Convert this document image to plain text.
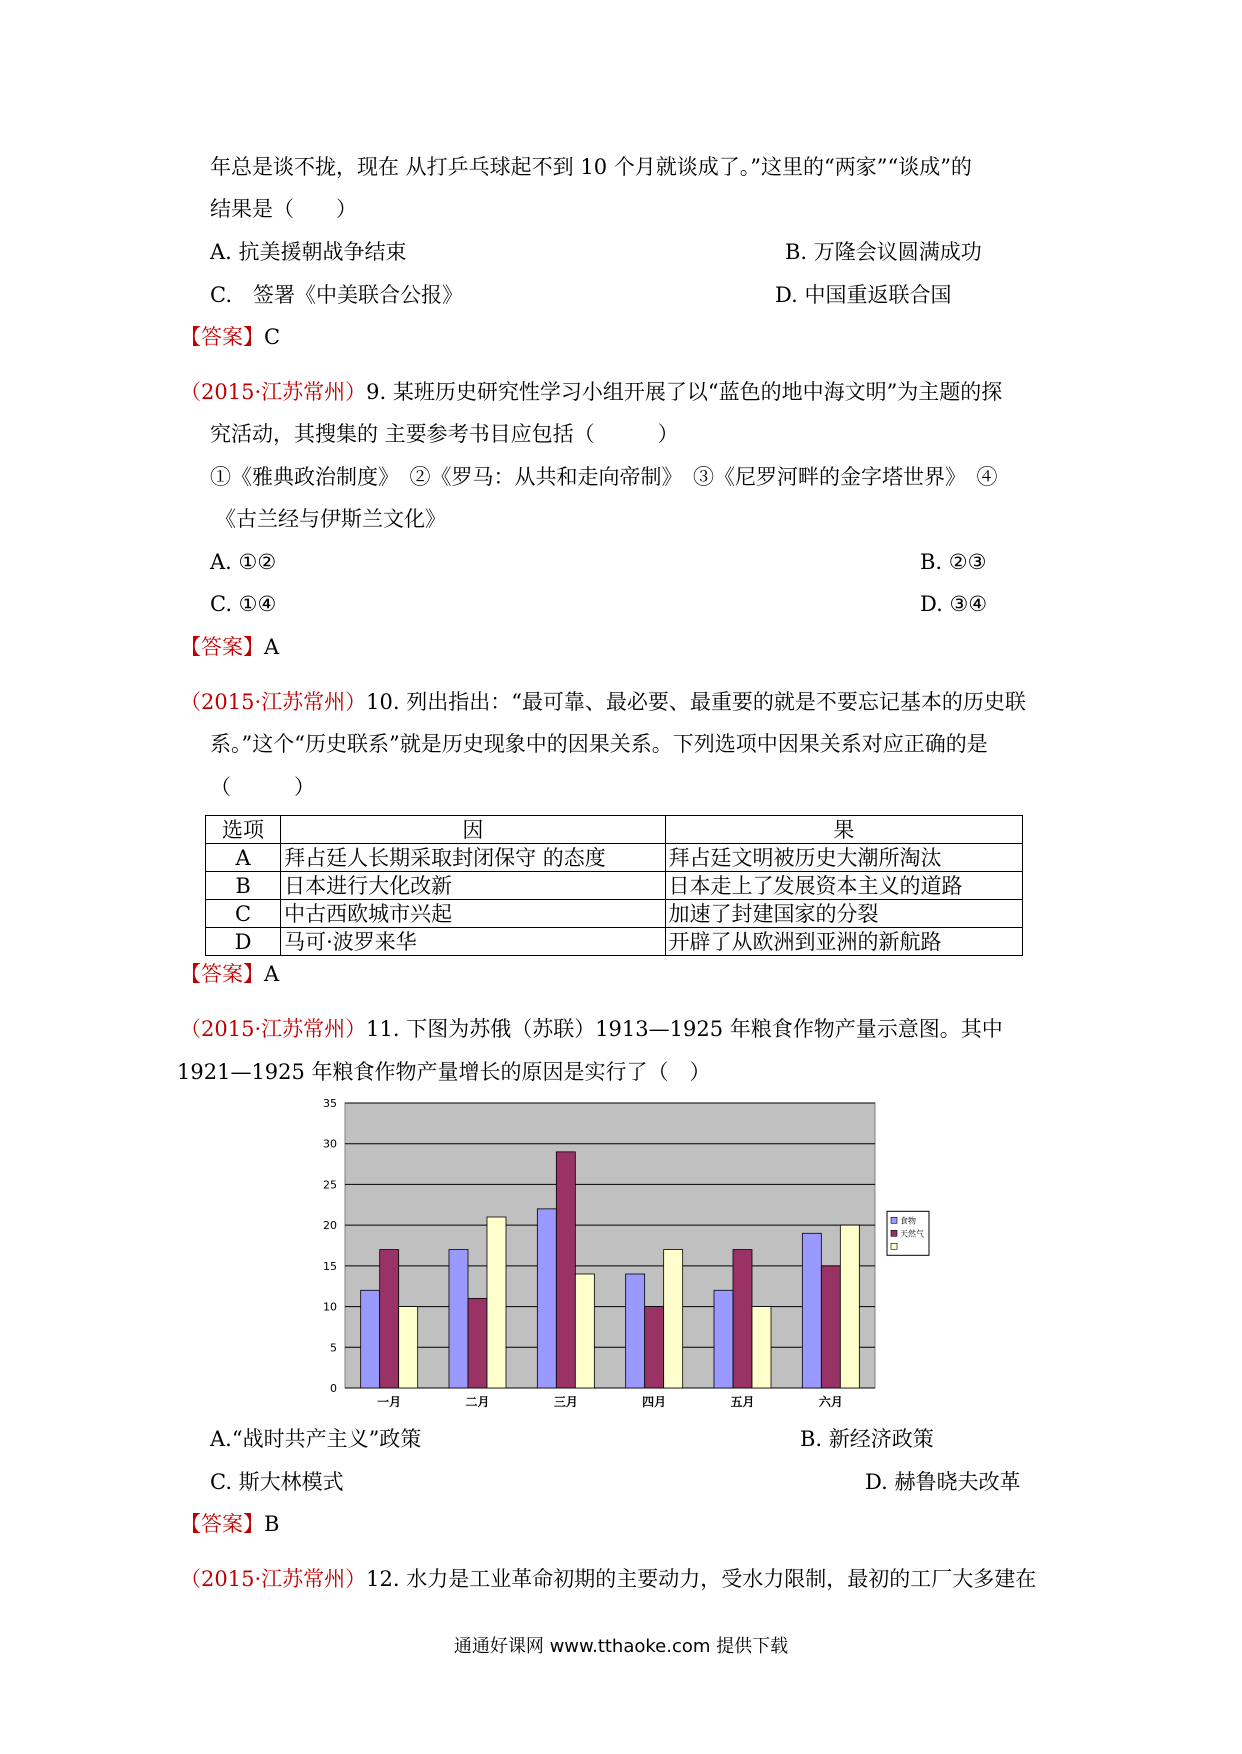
年总是谈不拢，现在 从打乒乓球起不到 10 个月就谈成了。”这里的“两家”“谈成”的
结果是（　　）
A. 抗美援朝战争结束	B. 万隆会议圆满成功
C.　签署《中美联合公报》	D. 中国重返联合国
【答案】C
（2015·江苏常州）9. 某班历史研究性学习小组开展了以“蓝色的地中海文明”为主题的探
究活动，其搜集的 主要参考书目应包括（　　　）
①《雅典政治制度》　②《罗马：从共和走向帝制》　③《尼罗河畔的金字塔世界》　④
《古兰经与伊斯兰文化》
A. ①②	B. ②③
C. ①④	D. ③④
【答案】A
（2015·江苏常州）10. 列出指出：“最可靠、最必要、最重要的就是不要忘记基本的历史联
系。”这个“历史联系”就是历史现象中的因果关系。下列选项中因果关系对应正确的是
（　　　）
选项	因	果
A	拜占廷人长期采取封闭保守 的态度	拜占廷文明被历史大潮所淘汰
B	日本进行大化改新	日本走上了发展资本主义的道路
C	中古西欧城市兴起	加速了封建国家的分裂
D	马可·波罗来华	开辟了从欧洲到亚洲的新航路
【答案】A
（2015·江苏常州）11. 下图为苏俄（苏联）1913—1925 年粮食作物产量示意图。其中
1921—1925 年粮食作物产量增长的原因是实行了（　）
0
5
10
15
20
25
30
35
一月	二月	三月	四月	五月	六月
食物
天然气
A.“战时共产主义”政策	B. 新经济政策
C. 斯大林模式	D. 赫鲁晓夫改革
【答案】B
（2015·江苏常州）12. 水力是工业革命初期的主要动力，受水力限制，最初的工厂大多建在
通通好课网 www.tthaoke.com 提供下载
